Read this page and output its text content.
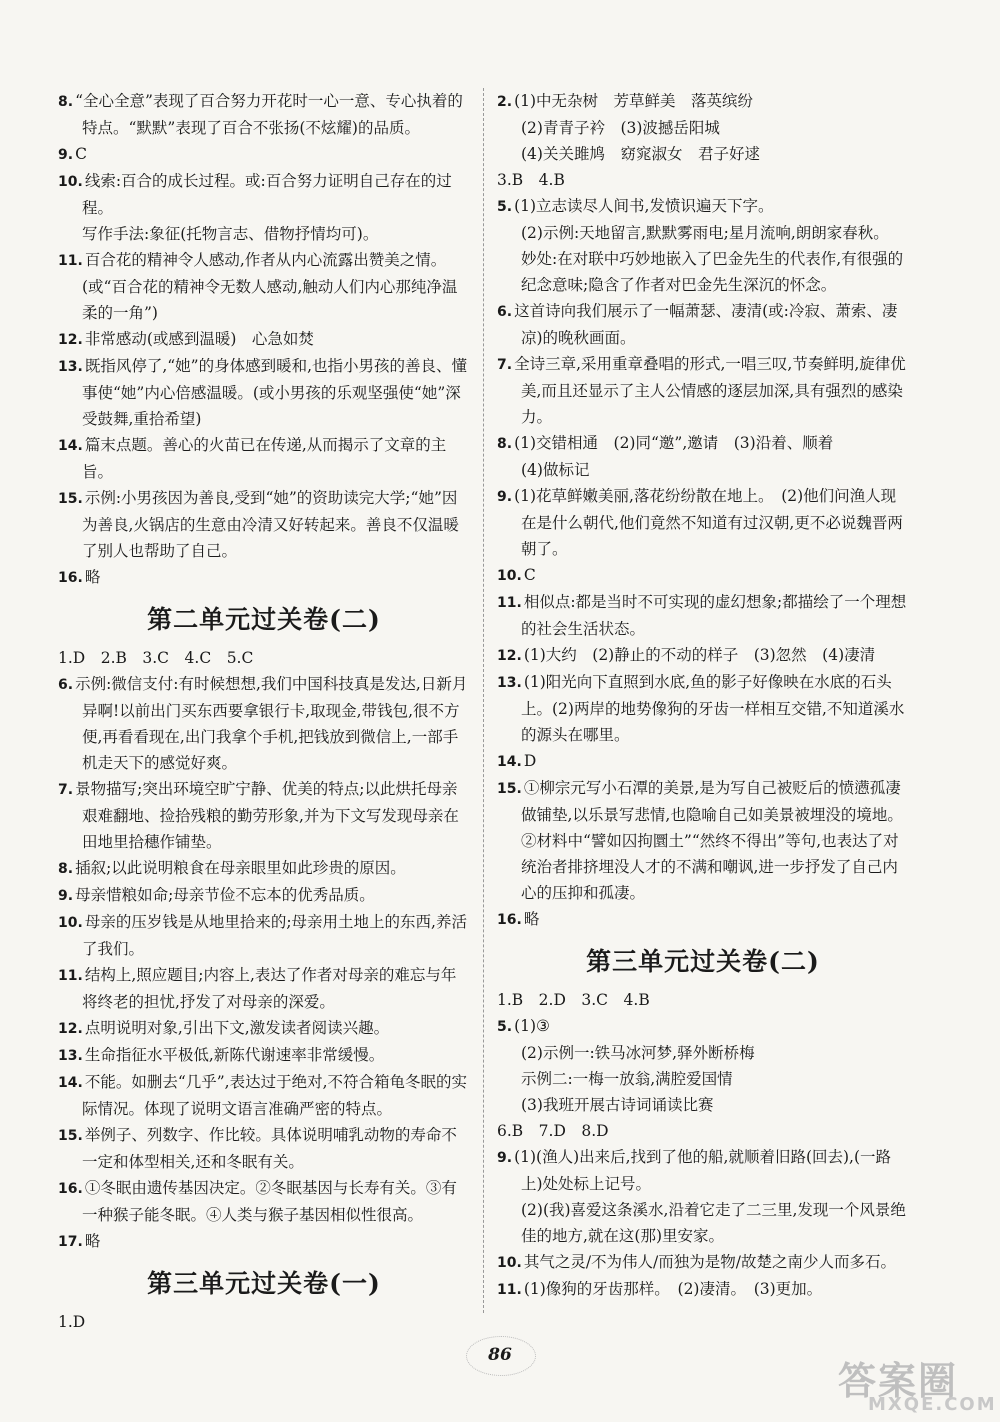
8. “全心全意”表现了百合努力开花时一心一意、专心执着的特点。“默默”表现了百合不张扬(不炫耀)的品质。

9. C

10. 线索:百合的成长过程。或:百合努力证明自己存在的过程。

写作手法:象征(托物言志、借物抒情均可)。

11. 百合花的精神令人感动,作者从内心流露出赞美之情。(或“百合花的精神令无数人感动,触动人们内心那纯净温柔的一角”)

12. 非常感动(或感到温暖)　心急如焚

13. 既指风停了,“她”的身体感到暖和,也指小男孩的善良、懂事使“她”内心倍感温暖。(或小男孩的乐观坚强使“她”深受鼓舞,重拾希望)

14. 篇末点题。善心的火苗已在传递,从而揭示了文章的主旨。

15. 示例:小男孩因为善良,受到“她”的资助读完大学;“她”因为善良,火锅店的生意由冷清又好转起来。善良不仅温暖了别人也帮助了自己。

16. 略

第二单元过关卷(二)

1.D　2.B　3.C　4.C　5.C

6. 示例:微信支付:有时候想想,我们中国科技真是发达,日新月异啊!以前出门买东西要拿银行卡,取现金,带钱包,很不方便,再看看现在,出门我拿个手机,把钱放到微信上,一部手机走天下的感觉好爽。

7. 景物描写;突出环境空旷宁静、优美的特点;以此烘托母亲艰难翻地、捡拾残粮的勤劳形象,并为下文写发现母亲在田地里拾穗作铺垫。

8. 插叙;以此说明粮食在母亲眼里如此珍贵的原因。

9. 母亲惜粮如命;母亲节俭不忘本的优秀品质。

10. 母亲的压岁钱是从地里拾来的;母亲用土地上的东西,养活了我们。

11. 结构上,照应题目;内容上,表达了作者对母亲的难忘与年将终老的担忧,抒发了对母亲的深爱。

12. 点明说明对象,引出下文,激发读者阅读兴趣。

13. 生命指征水平极低,新陈代谢速率非常缓慢。

14. 不能。如删去“几乎”,表达过于绝对,不符合箱龟冬眠的实际情况。体现了说明文语言准确严密的特点。

15. 举例子、列数字、作比较。具体说明哺乳动物的寿命不一定和体型相关,还和冬眠有关。

16. ①冬眠由遗传基因决定。②冬眠基因与长寿有关。③有一种猴子能冬眠。④人类与猴子基因相似性很高。

17. 略

第三单元过关卷(一)

1.D

2. (1)中无杂树　芳草鲜美　落英缤纷

(2)青青子衿　(3)波撼岳阳城

(4)关关雎鸠　窈窕淑女　君子好逑

3.B　4.B

5. (1)立志读尽人间书,发愤识遍天下字。

(2)示例:天地留言,默默雾雨电;星月流响,朗朗家春秋。

妙处:在对联中巧妙地嵌入了巴金先生的代表作,有很强的纪念意味;隐含了作者对巴金先生深沉的怀念。

6. 这首诗向我们展示了一幅萧瑟、凄清(或:冷寂、萧索、凄凉)的晚秋画面。

7. 全诗三章,采用重章叠唱的形式,一唱三叹,节奏鲜明,旋律优美,而且还显示了主人公情感的逐层加深,具有强烈的感染力。

8. (1)交错相通　(2)同“邀”,邀请　(3)沿着、顺着

(4)做标记

9. (1)花草鲜嫩美丽,落花纷纷散在地上。　(2)他们问渔人现在是什么朝代,他们竟然不知道有过汉朝,更不必说魏晋两朝了。

10. C

11. 相似点:都是当时不可实现的虚幻想象;都描绘了一个理想的社会生活状态。

12. (1)大约　(2)静止的不动的样子　(3)忽然　(4)凄清

13. (1)阳光向下直照到水底,鱼的影子好像映在水底的石头上。(2)两岸的地势像狗的牙齿一样相互交错,不知道溪水的源头在哪里。

14. D

15. ①柳宗元写小石潭的美景,是为写自己被贬后的愤懑孤凄做铺垫,以乐景写悲情,也隐喻自己如美景被埋没的境地。②材料中“譬如囚拘圜土”“然终不得出”等句,也表达了对统治者排挤埋没人才的不满和嘲讽,进一步抒发了自己内心的压抑和孤凄。

16. 略

第三单元过关卷(二)

1.B　2.D　3.C　4.B

5. (1)③

(2)示例一:铁马冰河梦,驿外断桥梅

示例二:一梅一放翁,满腔爱国情

(3)我班开展古诗词诵读比赛

6.B　7.D　8.D

9. (1)(渔人)出来后,找到了他的船,就顺着旧路(回去),(一路上)处处标上记号。

(2)(我)喜爱这条溪水,沿着它走了二三里,发现一个风景绝佳的地方,就在这(那)里安家。

10. 其气之灵/不为伟人/而独为是物/故楚之南少人而多石。

11. (1)像狗的牙齿那样。　(2)凄清。　(3)更加。

86
答案圈
MXQE.COM
